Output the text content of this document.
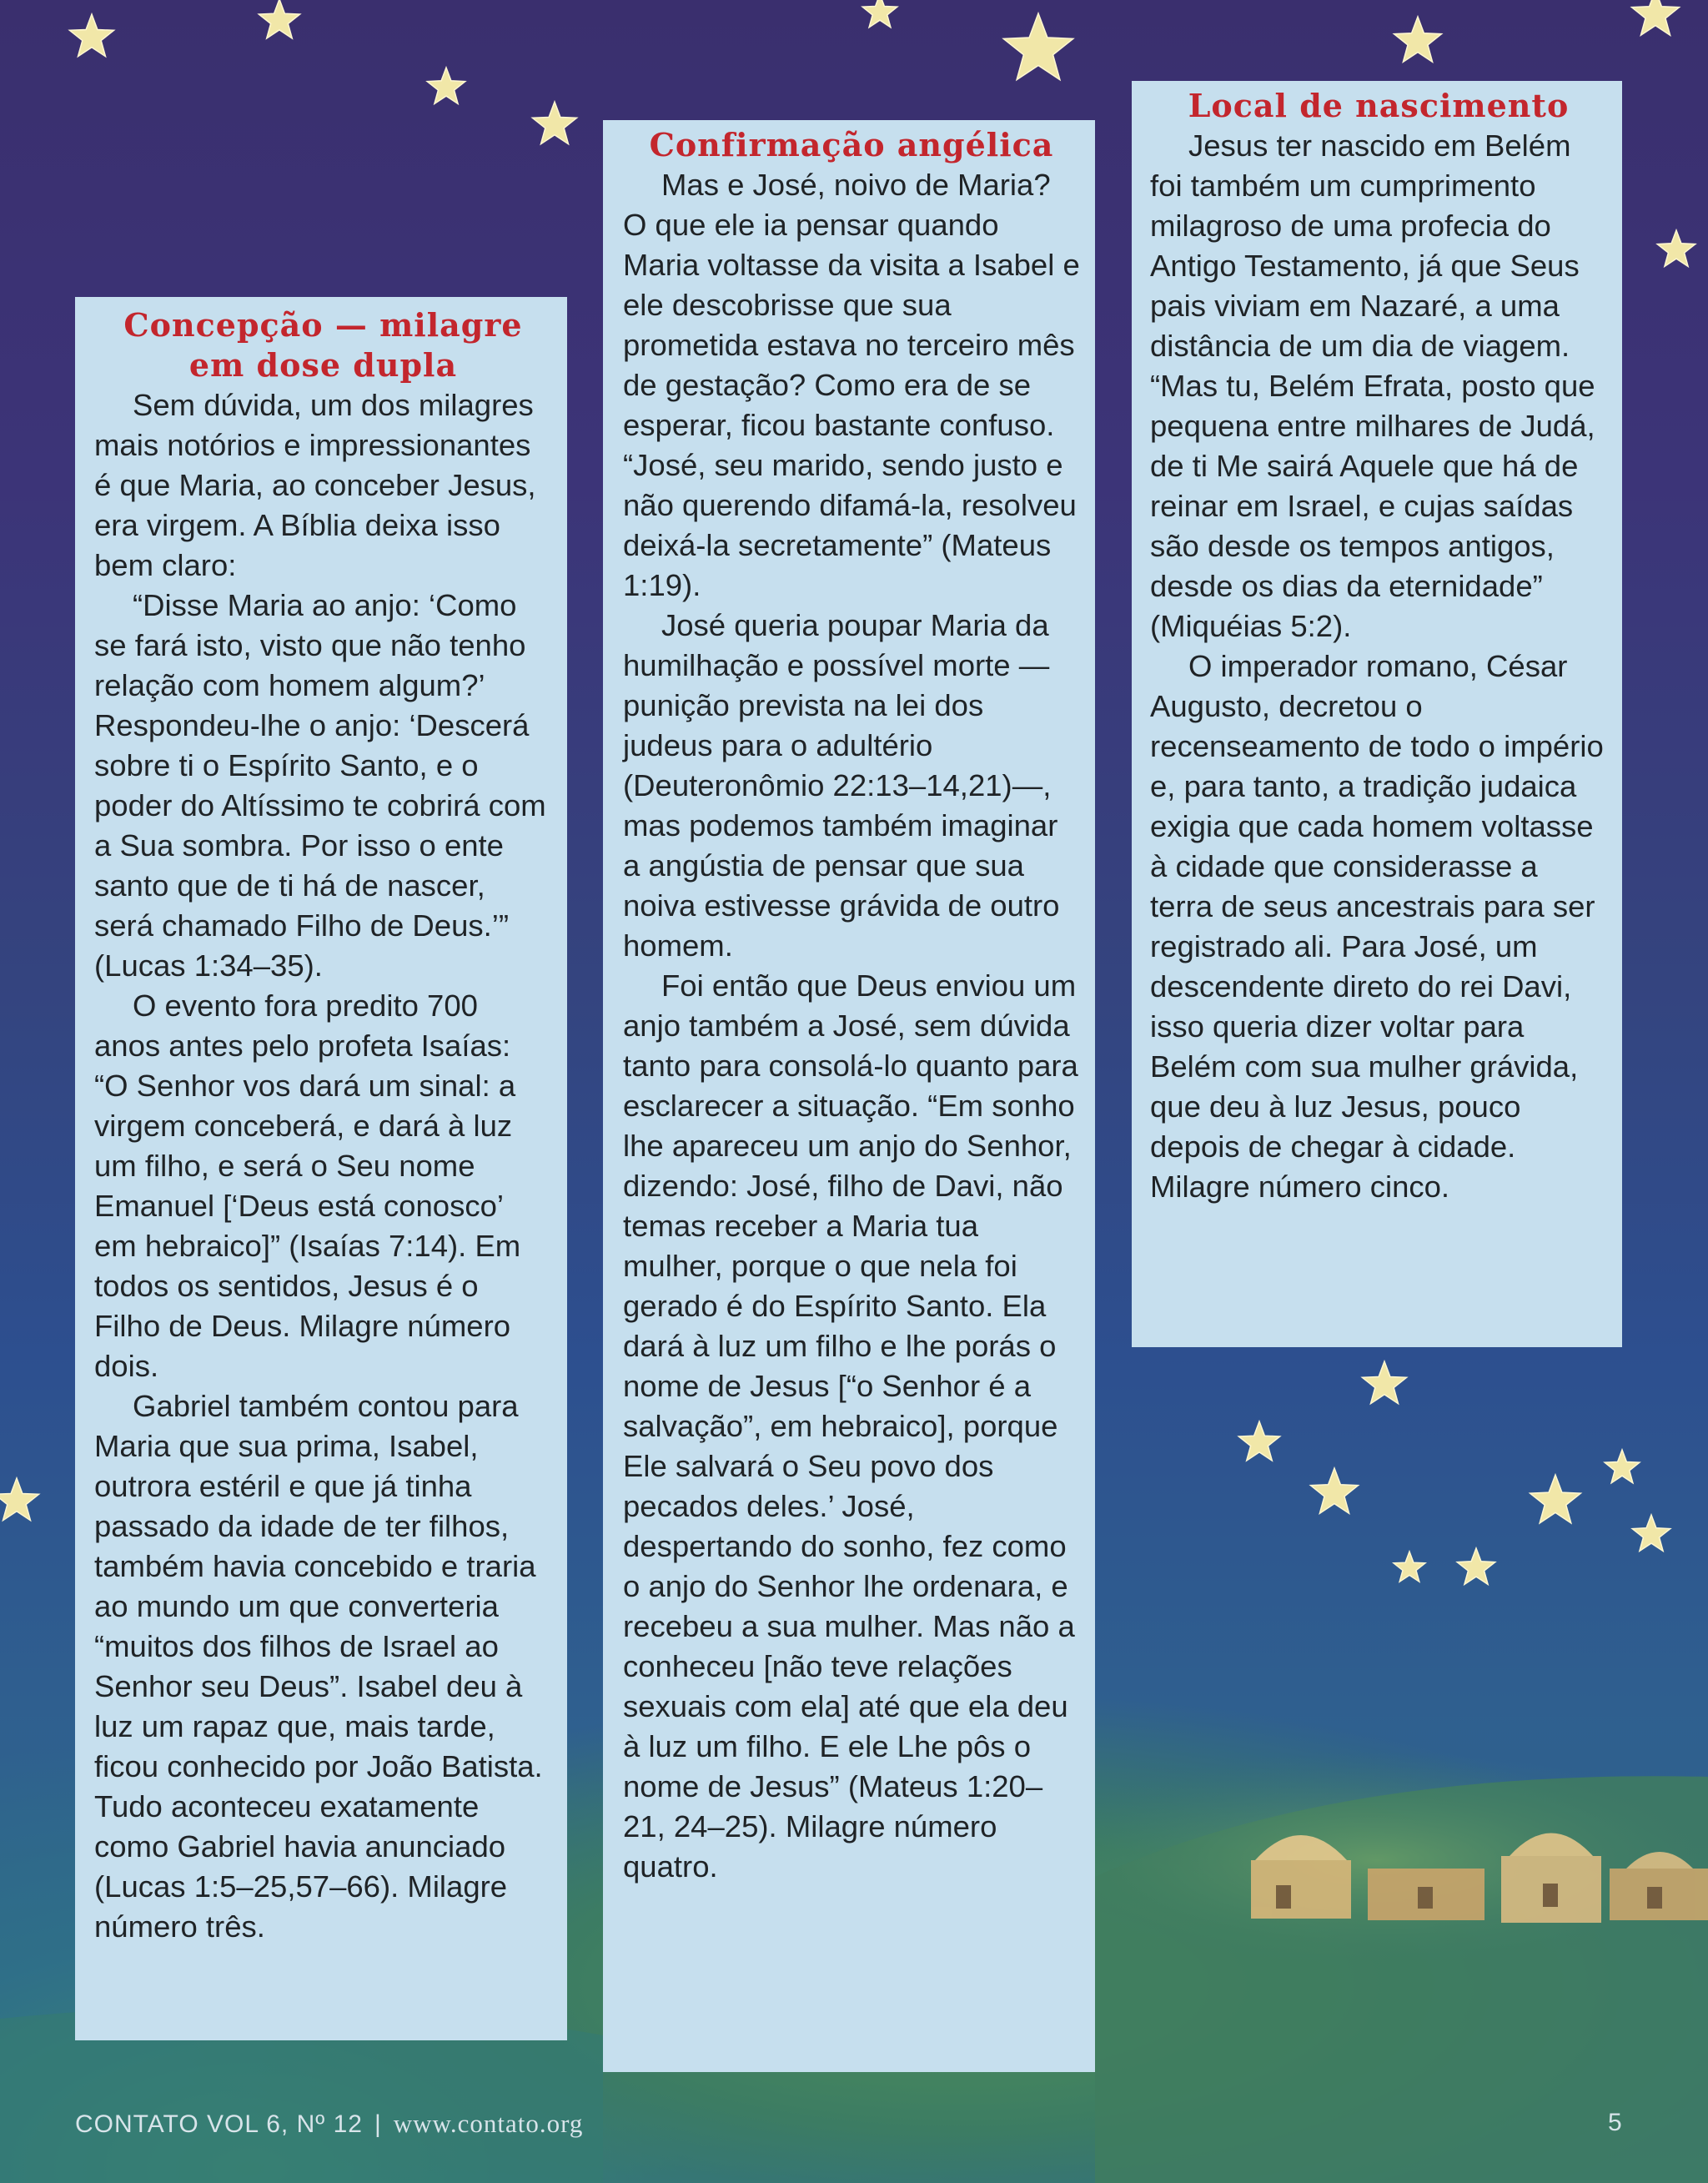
Concepção — milagre em dose dupla

Sem dúvida, um dos milagres mais notórios e impressionantes é que Maria, ao conceber Jesus, era virgem. A Bíblia deixa isso bem claro:

“Disse Maria ao anjo: ‘Como se fará isto, visto que não tenho relação com homem algum?’ Respondeu-lhe o anjo: ‘Descerá sobre ti o Espírito Santo, e o poder do Altíssimo te cobrirá com a Sua sombra. Por isso o ente santo que de ti há de nascer, será chamado Filho de Deus.’” (Lucas 1:34–35).

O evento fora predito 700 anos antes pelo profeta Isaías: “O Senhor vos dará um sinal: a virgem conceberá, e dará à luz um filho, e será o Seu nome Emanuel [‘Deus está conosco’ em hebraico]” (Isaías 7:14). Em todos os sentidos, Jesus é o Filho de Deus. Milagre número dois.

Gabriel também contou para Maria que sua prima, Isabel, outrora estéril e que já tinha passado da idade de ter filhos, também havia concebido e traria ao mundo um que converteria “muitos dos filhos de Israel ao Senhor seu Deus”. Isabel deu à luz um rapaz que, mais tarde, ficou conhecido por João Batista. Tudo aconteceu exatamente como Gabriel havia anunciado (Lucas 1:5–25,57–66). Milagre número três.

Confirmação angélica

Mas e José, noivo de Maria? O que ele ia pensar quando Maria voltasse da visita a Isabel e ele descobrisse que sua prometida estava no terceiro mês de gestação? Como era de se esperar, ficou bastante confuso. “José, seu marido, sendo justo e não querendo difamá-la, resolveu deixá-la secretamente” (Mateus 1:19).

José queria poupar Maria da humilhação e possível morte — punição prevista na lei dos judeus para o adultério (Deuteronômio 22:13–14,21)—, mas podemos também imaginar a angústia de pensar que sua noiva estivesse grávida de outro homem.

Foi então que Deus enviou um anjo também a José, sem dúvida tanto para consolá-lo quanto para esclarecer a situação. “Em sonho lhe apareceu um anjo do Senhor, dizendo: José, filho de Davi, não temas receber a Maria tua mulher, porque o que nela foi gerado é do Espírito Santo. Ela dará à luz um filho e lhe porás o nome de Jesus [“o Senhor é a salvação”, em hebraico], porque Ele salvará o Seu povo dos pecados deles.’ José, despertando do sonho, fez como o anjo do Senhor lhe ordenara, e recebeu a sua mulher. Mas não a conheceu [não teve relações sexuais com ela] até que ela deu à luz um filho. E ele Lhe pôs o nome de Jesus” (Mateus 1:20–21, 24–25). Milagre número quatro.

Local de nascimento

Jesus ter nascido em Belém foi também um cumprimento milagroso de uma profecia do Antigo Testamento, já que Seus pais viviam em Nazaré, a uma distância de um dia de viagem. “Mas tu, Belém Efrata, posto que pequena entre milhares de Judá, de ti Me sairá Aquele que há de reinar em Israel, e cujas saídas são desde os tempos antigos, desde os dias da eternidade” (Miquéias 5:2).

O imperador romano, César Augusto, decretou o recenseamento de todo o império e, para tanto, a tradição judaica exigia que cada homem voltasse à cidade que considerasse a terra de seus ancestrais para ser registrado ali. Para José, um descendente direto do rei Davi, isso queria dizer voltar para Belém com sua mulher grávida, que deu à luz Jesus, pouco depois de chegar à cidade. Milagre número cinco.

CONTATO VOL 6, Nº 12 | www.contato.org	5
